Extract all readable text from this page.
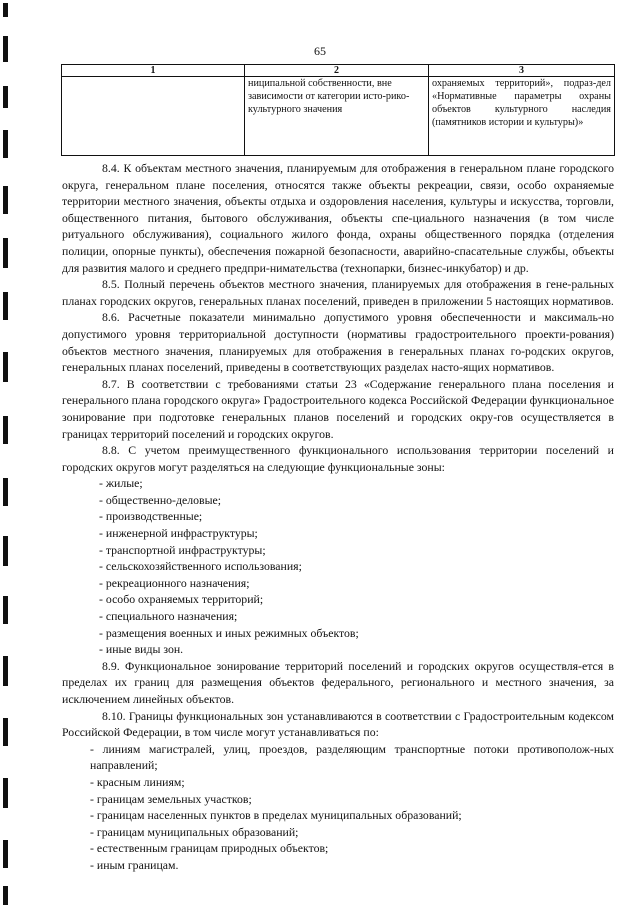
65
1	2	3
	ниципальной собственности, вне зависимости от категории исто-рико-культурного значения	охраняемых территорий», подраз-дел «Нормативные параметры охраны объектов культурного наследия (памятников истории и культуры)»

8.4. К объектам местного значения, планируемым для отображения в генеральном плане городского округа, генеральном плане поселения, относятся также объекты рекреации, связи, особо охраняемые территории местного значения, объекты отдыха и оздоровления населения, культуры и искусства, торговли, общественного питания, бытового обслуживания, объекты спе-циального назначения (в том числе ритуального обслуживания), социального жилого фонда, охраны общественного порядка (отделения полиции, опорные пункты), обеспечения пожарной безопасности, аварийно-спасательные службы, объекты для развития малого и среднего предпри-нимательства (технопарки, бизнес-инкубатор) и др.

8.5. Полный перечень объектов местного значения, планируемых для отображения в гене-ральных планах городских округов, генеральных планах поселений, приведен в приложении 5 настоящих нормативов.

8.6. Расчетные показатели минимально допустимого уровня обеспеченности и максималь-но допустимого уровня территориальной доступности (нормативы градостроительного проекти-рования) объектов местного значения, планируемых для отображения в генеральных планах го-родских округов, генеральных планах поселений, приведены в соответствующих разделах насто-ящих нормативов.

8.7. В соответствии с требованиями статьи 23 «Содержание генерального плана поселения и генерального плана городского округа» Градостроительного кодекса Российской Федерации функциональное зонирование при подготовке генеральных планов поселений и городских окру-гов осуществляется в границах территорий поселений и городских округов.

8.8. С учетом преимущественного функционального использования территории поселений и городских округов могут разделяться на следующие функциональные зоны:

- жилые;
- общественно-деловые;
- производственные;
- инженерной инфраструктуры;
- транспортной инфраструктуры;
- сельскохозяйственного использования;
- рекреационного назначения;
- особо охраняемых территорий;
- специального назначения;
- размещения военных и иных режимных объектов;
- иные виды зон.

8.9. Функциональное зонирование территорий поселений и городских округов осуществля-ется в пределах их границ для размещения объектов федерального, регионального и местного значения, за исключением линейных объектов.

8.10. Границы функциональных зон устанавливаются в соответствии с Градостроительным кодексом Российской Федерации, в том числе могут устанавливаться по:

- линиям магистралей, улиц, проездов, разделяющим транспортные потоки противополож-ных направлений;
- красным линиям;
- границам земельных участков;
- границам населенных пунктов в пределах муниципальных образований;
- границам муниципальных образований;
- естественным границам природных объектов;
- иным границам.
